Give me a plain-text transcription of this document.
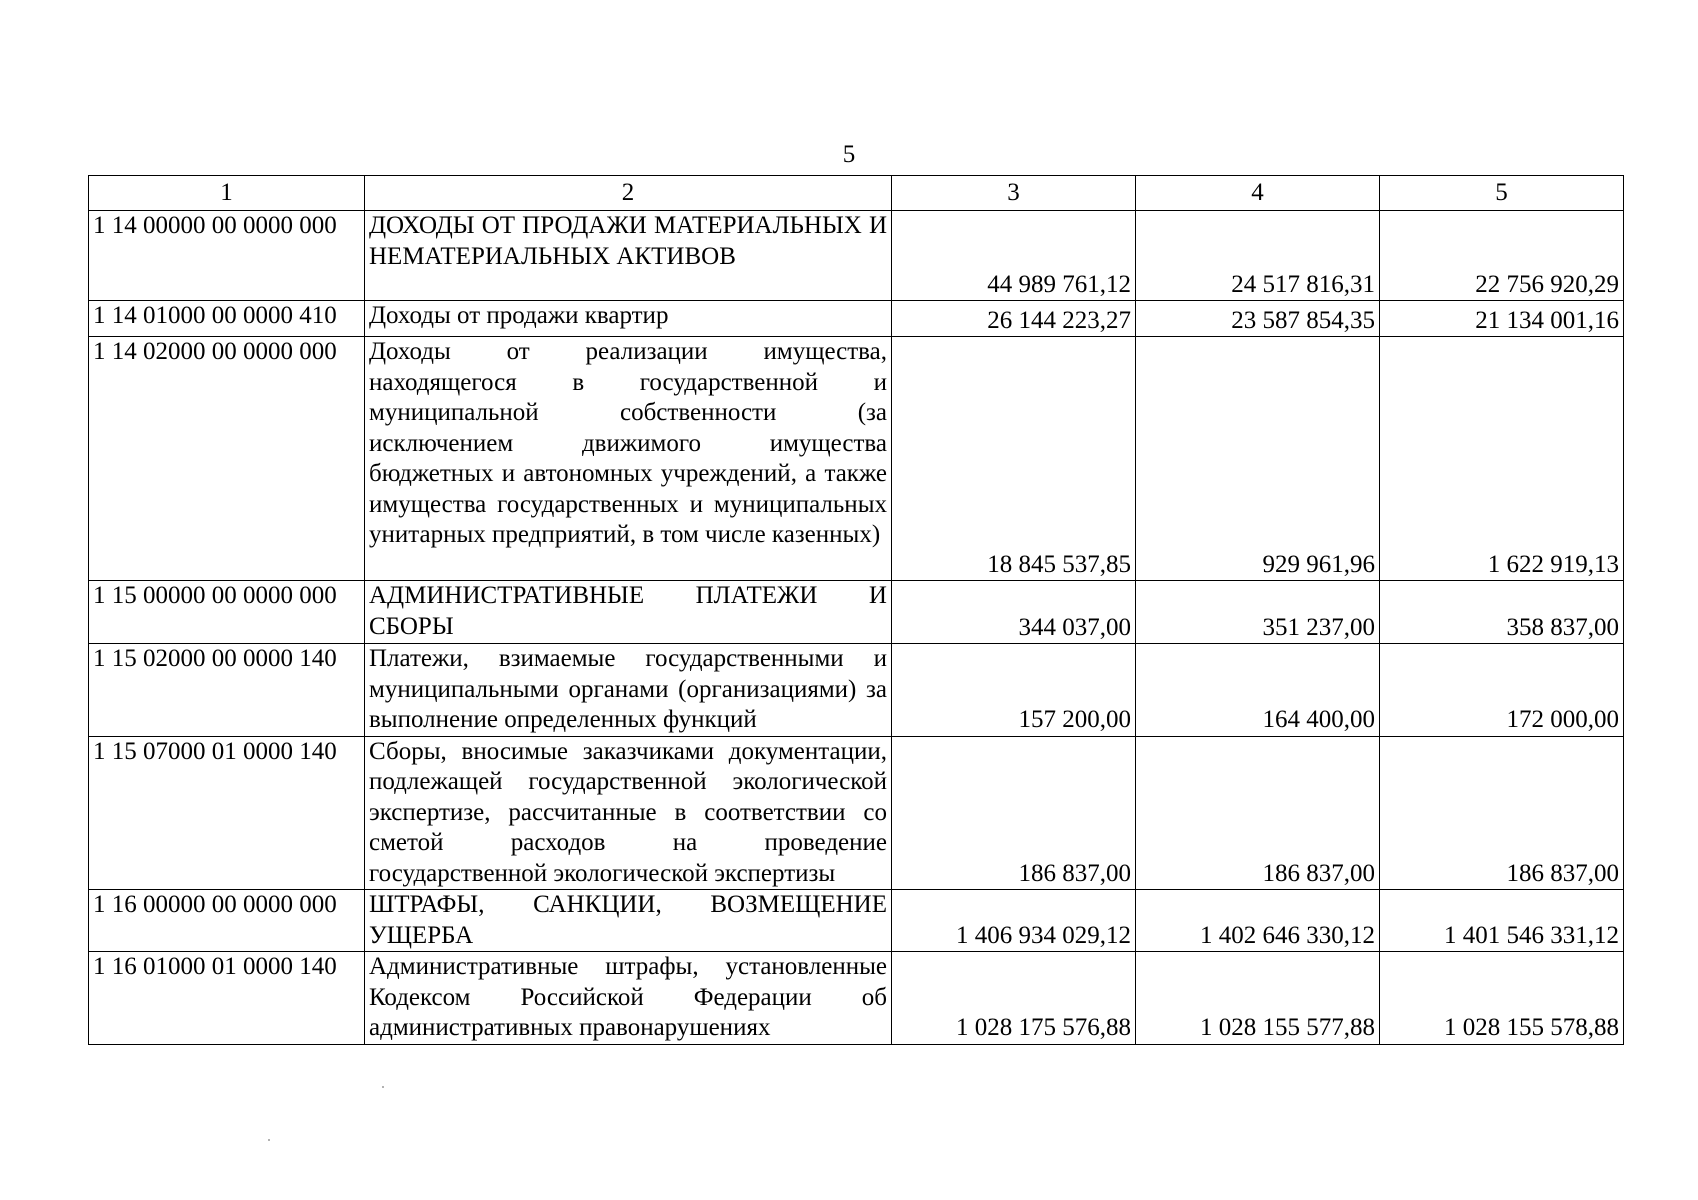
5
1	2	3	4	5
1 14 00000 00 0000 000	ДОХОДЫ ОТ ПРОДАЖИ МАТЕРИАЛЬНЫХ И НЕМАТЕРИАЛЬНЫХ АКТИВОВ	44 989 761,12	24 517 816,31	22 756 920,29
1 14 01000 00 0000 410	Доходы от продажи квартир	26 144 223,27	23 587 854,35	21 134 001,16
1 14 02000 00 0000 000	Доходы от реализации имущества, находящегося в государственной и муниципальной собственности (за исключением движимого имущества бюджетных и автономных учреждений, а также имущества государственных и муниципальных унитарных предприятий, в том числе казенных)	18 845 537,85	929 961,96	1 622 919,13
1 15 00000 00 0000 000	АДМИНИСТРАТИВНЫЕ ПЛАТЕЖИ И СБОРЫ	344 037,00	351 237,00	358 837,00
1 15 02000 00 0000 140	Платежи, взимаемые государственными и муниципальными органами (организациями) за выполнение определенных функций	157 200,00	164 400,00	172 000,00
1 15 07000 01 0000 140	Сборы, вносимые заказчиками документации, подлежащей государственной экологической экспертизе, рассчитанные в соответствии со сметой расходов на проведение государственной экологической экспертизы	186 837,00	186 837,00	186 837,00
1 16 00000 00 0000 000	ШТРАФЫ, САНКЦИИ, ВОЗМЕЩЕНИЕ УЩЕРБА	1 406 934 029,12	1 402 646 330,12	1 401 546 331,12
1 16 01000 01 0000 140	Административные штрафы, установленные Кодексом Российской Федерации об административных правонарушениях	1 028 175 576,88	1 028 155 577,88	1 028 155 578,88
